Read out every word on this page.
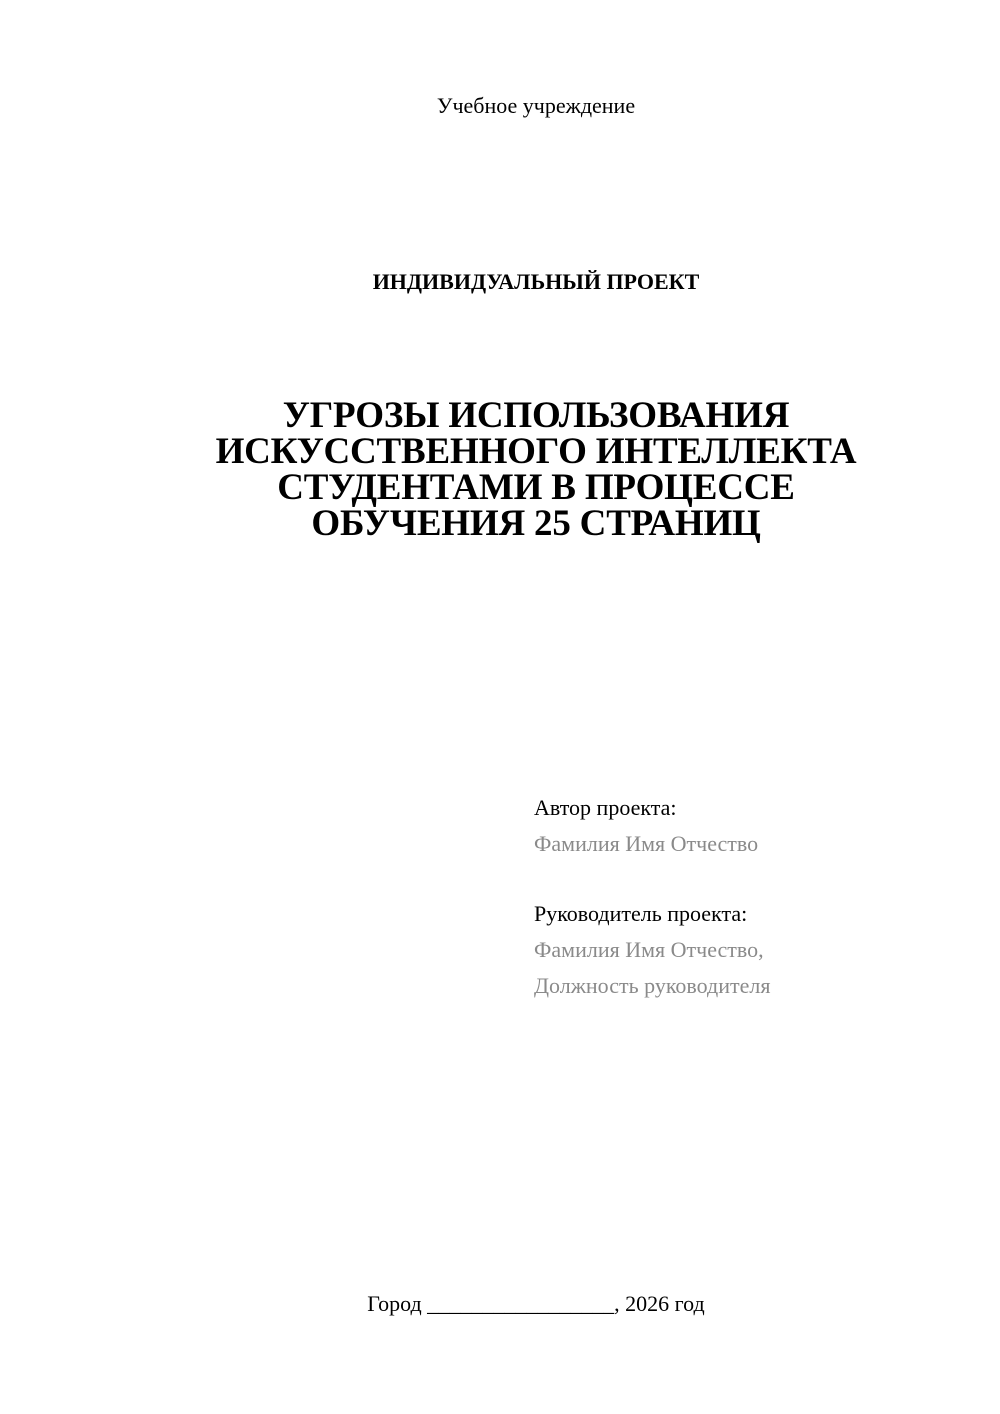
Учебное учреждение
ИНДИВИДУАЛЬНЫЙ ПРОЕКТ
УГРОЗЫ ИСПОЛЬЗОВАНИЯ
ИСКУССТВЕННОГО ИНТЕЛЛЕКТА
СТУДЕНТАМИ В ПРОЦЕССЕ
ОБУЧЕНИЯ 25 СТРАНИЦ
Автор проекта:
Фамилия Имя Отчество
Руководитель проекта:
Фамилия Имя Отчество,
Должность руководителя
Город _________________, 2026 год
